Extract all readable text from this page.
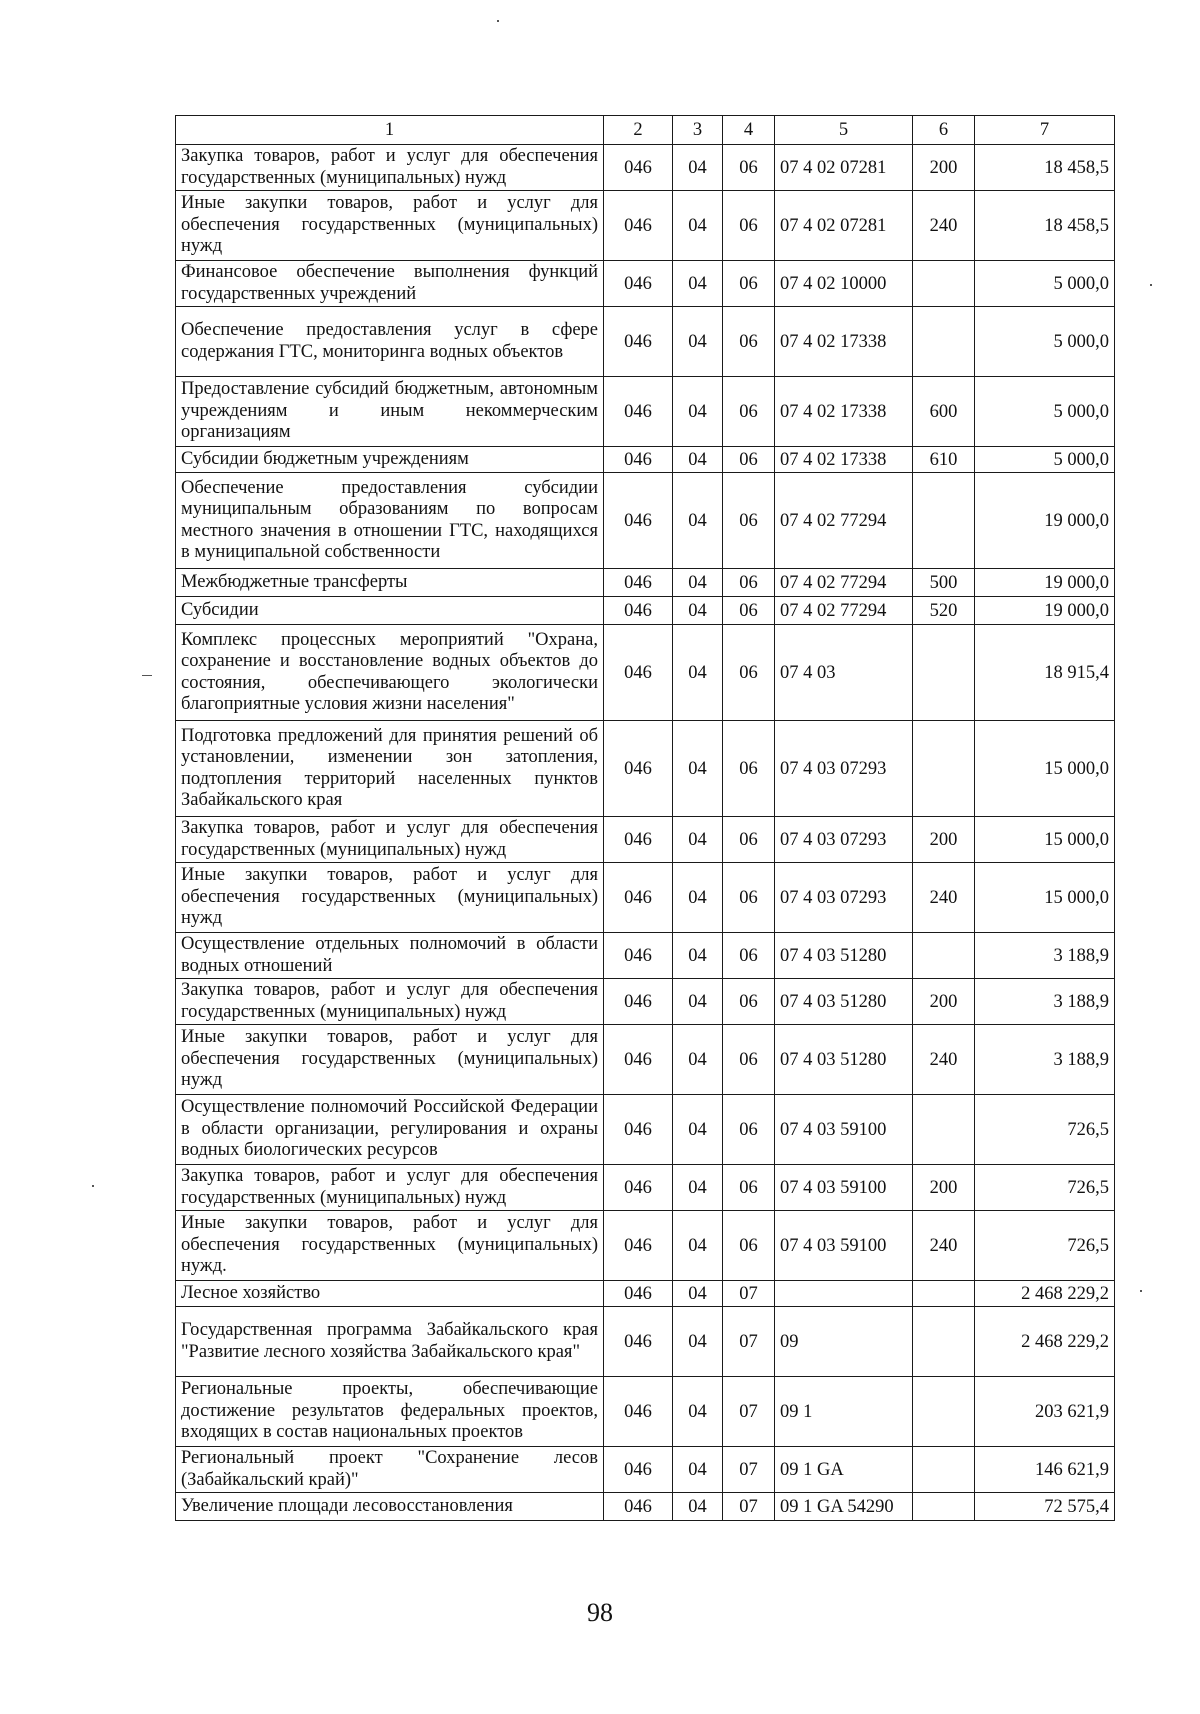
1	2	3	4	5	6	7
Закупка товаров, работ и услуг для обеспечения государственных (муниципальных) нужд	046	04	06	07 4 02 07281	200	18 458,5
Иные закупки товаров, работ и услуг для обеспечения государственных (муниципальных) нужд	046	04	06	07 4 02 07281	240	18 458,5
Финансовое обеспечение выполнения функций государственных учреждений	046	04	06	07 4 02 10000		5 000,0
Обеспечение предоставления услуг в сфере содержания ГТС, мониторинга водных объектов	046	04	06	07 4 02 17338		5 000,0
Предоставление субсидий бюджетным, автономным учреждениям и иным некоммерческим организациям	046	04	06	07 4 02 17338	600	5 000,0
Субсидии бюджетным учреждениям	046	04	06	07 4 02 17338	610	5 000,0
Обеспечение предоставления субсидии муниципальным образованиям по вопросам местного значения в отношении ГТС, находящихся в муниципальной собственности	046	04	06	07 4 02 77294		19 000,0
Межбюджетные трансферты	046	04	06	07 4 02 77294	500	19 000,0
Субсидии	046	04	06	07 4 02 77294	520	19 000,0
Комплекс процессных мероприятий "Охрана, сохранение и восстановление водных объектов до состояния, обеспечивающего экологически благоприятные условия жизни населения"	046	04	06	07 4 03		18 915,4
Подготовка предложений для принятия решений об установлении, изменении зон затопления, подтопления территорий населенных пунктов Забайкальского края	046	04	06	07 4 03 07293		15 000,0
Закупка товаров, работ и услуг для обеспечения государственных (муниципальных) нужд	046	04	06	07 4 03 07293	200	15 000,0
Иные закупки товаров, работ и услуг для обеспечения государственных (муниципальных) нужд	046	04	06	07 4 03 07293	240	15 000,0
Осуществление отдельных полномочий в области водных отношений	046	04	06	07 4 03 51280		3 188,9
Закупка товаров, работ и услуг для обеспечения государственных (муниципальных) нужд	046	04	06	07 4 03 51280	200	3 188,9
Иные закупки товаров, работ и услуг для обеспечения государственных (муниципальных) нужд	046	04	06	07 4 03 51280	240	3 188,9
Осуществление полномочий Российской Федерации в области организации, регулирования и охраны водных биологических ресурсов	046	04	06	07 4 03 59100		726,5
Закупка товаров, работ и услуг для обеспечения государственных (муниципальных) нужд	046	04	06	07 4 03 59100	200	726,5
Иные закупки товаров, работ и услуг для обеспечения государственных (муниципальных) нужд.	046	04	06	07 4 03 59100	240	726,5
Лесное хозяйство	046	04	07			2 468 229,2
Государственная программа Забайкальского края "Развитие лесного хозяйства Забайкальского края"	046	04	07	09		2 468 229,2
Региональные проекты, обеспечивающие достижение результатов федеральных проектов, входящих в состав национальных проектов	046	04	07	09 1		203 621,9
Региональный проект "Сохранение лесов (Забайкальский край)"	046	04	07	09 1 GA		146 621,9
Увеличение площади лесовосстановления	046	04	07	09 1 GA 54290		72 575,4
98
